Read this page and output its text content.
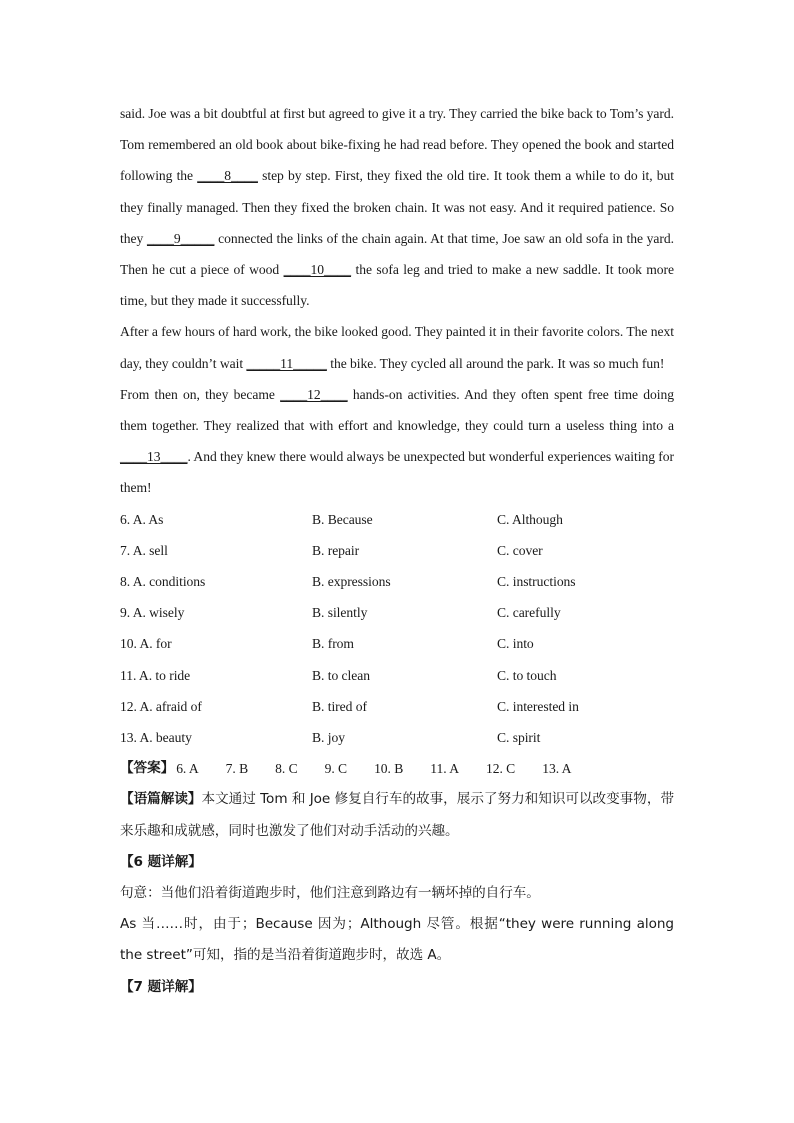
said. Joe was a bit doubtful at first but agreed to give it a try. They carried the bike back to Tom’s yard. Tom remembered an old book about bike-fixing he had read before. They opened the book and started following the ____8____ step by step. First, they fixed the old tire. It took them a while to do it, but they finally managed. Then they fixed the broken chain. It was not easy. And it required patience. So they ____9_____ connected the links of the chain again. At that time, Joe saw an old sofa in the yard. Then he cut a piece of wood ____10____ the sofa leg and tried to make a new saddle. It took more time, but they made it successfully.

After a few hours of hard work, the bike looked good. They painted it in their favorite colors. The next day, they couldn’t wait _____11_____ the bike. They cycled all around the park. It was so much fun!

From then on, they became ____12____ hands-on activities. And they often spent free time doing them together. They realized that with effort and knowledge, they could turn a useless thing into a ____13____. And they knew there would always be unexpected but wonderful experiences waiting for them!

6. A. As	B. Because	C. Although
7. A. sell	B. repair	C. cover
8. A. conditions	B. expressions	C. instructions
9. A. wisely	B. silently	C. carefully
10. A. for	B. from	C. into
11. A. to ride	B. to clean	C. to touch
12. A. afraid of	B. tired of	C. interested in
13. A. beauty	B. joy	C. spirit
【答案】 6. A 7. B 8. C 9. C 10. B 11. A 12. C 13. A

【语篇解读】本文通过 Tom 和 Joe 修复自行车的故事，展示了努力和知识可以改变事物，带来乐趣和成就感，同时也激发了他们对动手活动的兴趣。

【6 题详解】

句意：当他们沿着街道跑步时，他们注意到路边有一辆坏掉的自行车。

As 当……时，由于；Because 因为；Although 尽管。根据“they were running along the street”可知，指的是当沿着街道跑步时，故选 A。

【7 题详解】
